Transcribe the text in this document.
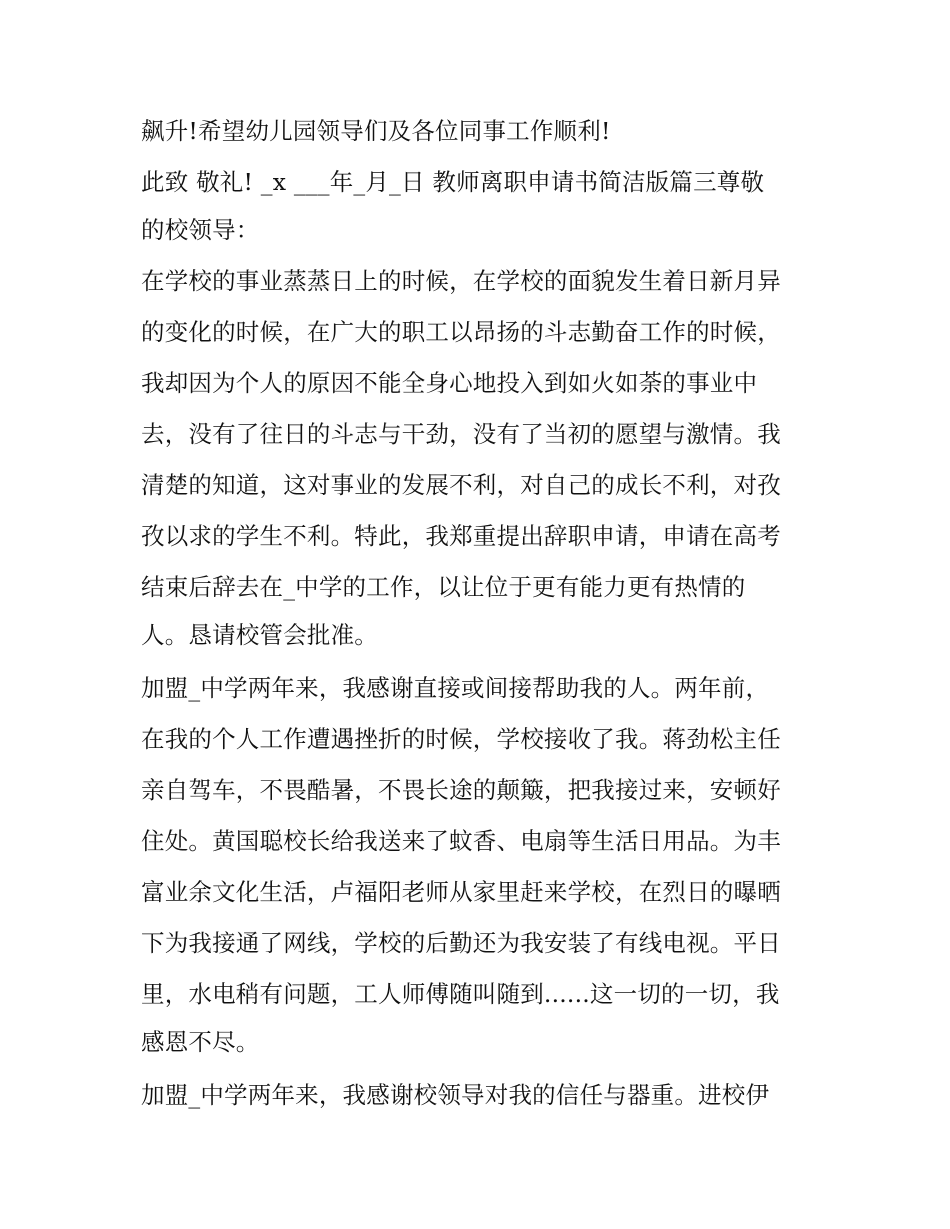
飙升!希望幼儿园领导们及各位同事工作顺利!
此致 敬礼! _x ___年_月_日 教师离职申请书简洁版篇三尊敬
的校领导：
在学校的事业蒸蒸日上的时候，在学校的面貌发生着日新月异
的变化的时候，在广大的职工以昂扬的斗志勤奋工作的时候，
我却因为个人的原因不能全身心地投入到如火如荼的事业中
去，没有了往日的斗志与干劲，没有了当初的愿望与激情。我
清楚的知道，这对事业的发展不利，对自己的成长不利，对孜
孜以求的学生不利。特此，我郑重提出辞职申请，申请在高考
结束后辞去在_中学的工作，以让位于更有能力更有热情的
人。恳请校管会批准。
加盟_中学两年来，我感谢直接或间接帮助我的人。两年前，
在我的个人工作遭遇挫折的时候，学校接收了我。蒋劲松主任
亲自驾车，不畏酷暑，不畏长途的颠簸，把我接过来，安顿好
住处。黄国聪校长给我送来了蚊香、电扇等生活日用品。为丰
富业余文化生活，卢福阳老师从家里赶来学校，在烈日的曝晒
下为我接通了网线，学校的后勤还为我安装了有线电视。平日
里，水电稍有问题，工人师傅随叫随到......这一切的一切，我
感恩不尽。
加盟_中学两年来，我感谢校领导对我的信任与器重。进校伊
